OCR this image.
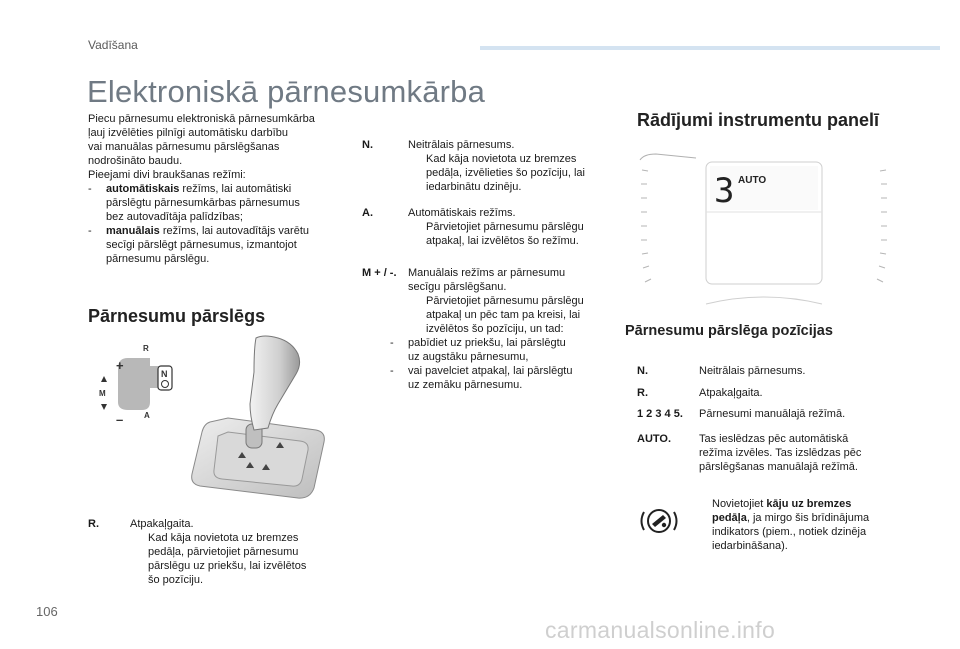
Vadīšana
Elektroniskā pārnesumkārba

Piecu pārnesumu elektroniskā pārnesumkārba

ļauj izvēlēties pilnīgi automātisku darbību

vai manuālas pārnesumu pārslēgšanas

nodrošināto baudu.

Pieejami divi braukšanas režīmi:

-	automātiskais režīms, lai automātiski
pārslēgtu pārnesumkārbas pārnesumus
bez autovadītāja palīdzības;
-	manuālais režīms, lai autovadītājs varētu
secīgi pārslēgt pārnesumus, izmantojot
pārnesumu pārslēgu.
Pārnesumu pārslēgs
R
A
M
+
–
N
R.	Atpakaļgaita.

Kad kāja novietota uz bremzes
pedāļa, pārvietojiet pārnesumu
pārslēgu uz priekšu, lai izvēlētos
šo pozīciju.
N.	Neitrālais pārnesums.

Kad kāja novietota uz bremzes
pedāļa, izvēlieties šo pozīciju, lai
iedarbinātu dzinēju.
A.	Automātiskais režīms.

Pārvietojiet pārnesumu pārslēgu
atpakaļ, lai izvēlētos šo režīmu.
M + / -.	Manuālais režīms ar pārnesumu

secīgu pārslēgšanu.

Pārvietojiet pārnesumu pārslēgu
atpakaļ un pēc tam pa kreisi, lai
izvēlētos šo pozīciju, un tad:
-	pabīdiet uz priekšu, lai pārslēgtu
uz augstāku pārnesumu,
-	vai pavelciet atpakaļ, lai pārslēgtu
uz zemāku pārnesumu.
Rādījumi instrumentu panelī
3 AUTO
Pārnesumu pārslēga pozīcijas
N.	Neitrālais pārnesums.
R.	Atpakaļgaita.
1 2 3 4 5.	Pārnesumi manuālajā režīmā.
AUTO.	Tas ieslēdzas pēc automātiskā
režīma izvēles. Tas izslēdzas pēc
pārslēgšanas manuālajā režīmā.
Novietojiet kāju uz bremzes
pedāļa, ja mirgo šis brīdinājuma
indikators (piem., notiek dzinēja
iedarbināšana).
106
carmanualsonline.info
